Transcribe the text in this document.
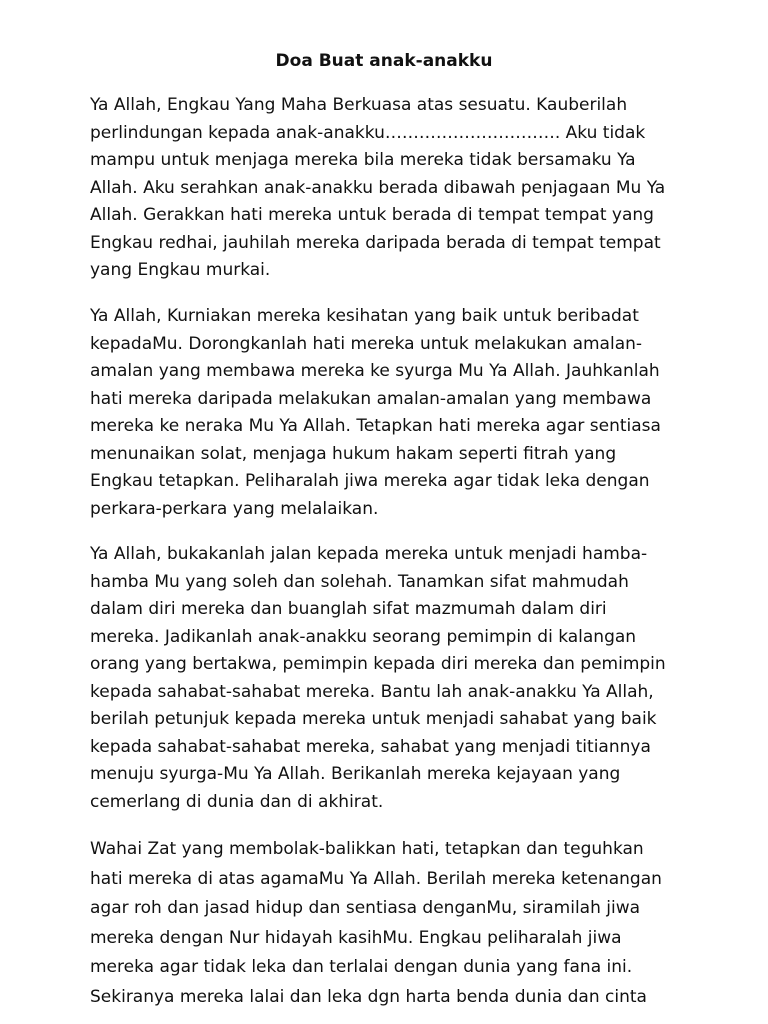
Doa Buat anak-anakku

Ya Allah, Engkau Yang Maha Berkuasa atas sesuatu. Kauberilah
perlindungan kepada anak-anakku…………………………. Aku tidak
mampu untuk menjaga mereka bila mereka tidak bersamaku Ya
Allah. Aku serahkan anak-anakku berada dibawah penjagaan Mu Ya
Allah. Gerakkan hati mereka untuk berada di tempat tempat yang
Engkau redhai, jauhilah mereka daripada berada di tempat tempat
yang Engkau murkai.

Ya Allah, Kurniakan mereka kesihatan yang baik untuk beribadat
kepadaMu. Dorongkanlah hati mereka untuk melakukan amalan-
amalan yang membawa mereka ke syurga Mu Ya Allah. Jauhkanlah
hati mereka daripada melakukan amalan-amalan yang membawa
mereka ke neraka Mu Ya Allah. Tetapkan hati mereka agar sentiasa
menunaikan solat, menjaga hukum hakam seperti fitrah yang
Engkau tetapkan. Peliharalah jiwa mereka agar tidak leka dengan
perkara-perkara yang melalaikan.

Ya Allah, bukakanlah jalan kepada mereka untuk menjadi hamba-
hamba Mu yang soleh dan solehah. Tanamkan sifat mahmudah
dalam diri mereka dan buanglah sifat mazmumah dalam diri
mereka. Jadikanlah anak-anakku seorang pemimpin di kalangan
orang yang bertakwa, pemimpin kepada diri mereka dan pemimpin
kepada sahabat-sahabat mereka. Bantu lah anak-anakku Ya Allah,
berilah petunjuk kepada mereka untuk menjadi sahabat yang baik
kepada sahabat-sahabat mereka, sahabat yang menjadi titiannya
menuju syurga-Mu Ya Allah. Berikanlah mereka kejayaan yang
cemerlang di dunia dan di akhirat.

Wahai Zat yang membolak-balikkan hati, tetapkan dan teguhkan
hati mereka di atas agamaMu Ya Allah. Berilah mereka ketenangan
agar roh dan jasad hidup dan sentiasa denganMu, siramilah jiwa
mereka dengan Nur hidayah kasihMu. Engkau peliharalah jiwa
mereka agar tidak leka dan terlalai dengan dunia yang fana ini.
Sekiranya mereka lalai dan leka dgn harta benda dunia dan cinta
